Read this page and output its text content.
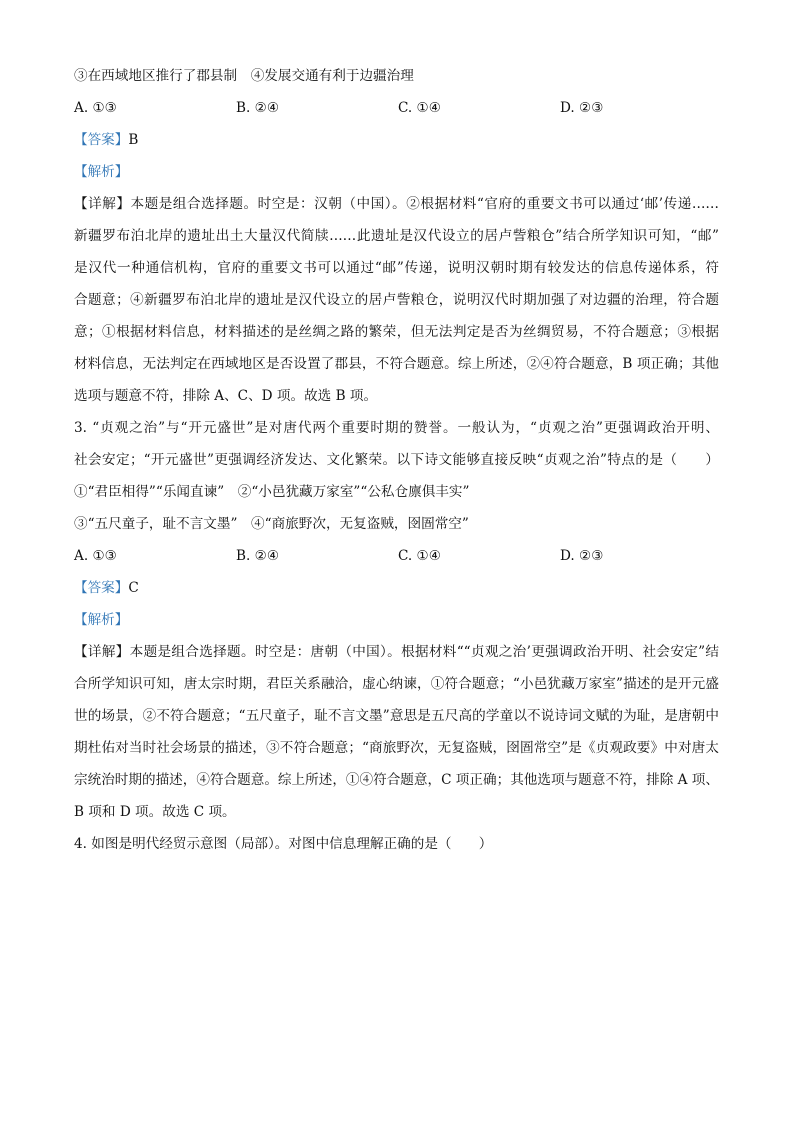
③在西域地区推行了郡县制　④发展交通有利于边疆治理
A. ①③	B. ②④	C. ①④	D. ②③
【答案】B
【解析】
【详解】本题是组合选择题。时空是：汉朝（中国）。②根据材料“官府的重要文书可以通过‘邮’传递……
新疆罗布泊北岸的遗址出土大量汉代简牍……此遗址是汉代设立的居卢訾粮仓”结合所学知识可知，“邮”
是汉代一种通信机构，官府的重要文书可以通过“邮”传递，说明汉朝时期有较发达的信息传递体系，符
合题意；④新疆罗布泊北岸的遗址是汉代设立的居卢訾粮仓，说明汉代时期加强了对边疆的治理，符合题
意；①根据材料信息，材料描述的是丝绸之路的繁荣，但无法判定是否为丝绸贸易，不符合题意；③根据
材料信息，无法判定在西域地区是否设置了郡县，不符合题意。综上所述，②④符合题意，B 项正确；其他
选项与题意不符，排除 A、C、D 项。故选 B 项。
3. “贞观之治”与“开元盛世”是对唐代两个重要时期的赞誉。一般认为，“贞观之治”更强调政治开明、
社会安定；“开元盛世”更强调经济发达、文化繁荣。以下诗文能够直接反映“贞观之治”特点的是（　　）
①“君臣相得”“乐闻直谏”　②“小邑犹藏万家室”“公私仓廪俱丰实”
③“五尺童子，耻不言文墨”　④“商旅野次，无复盗贼，囹圄常空”
A. ①③	B. ②④	C. ①④	D. ②③
【答案】C
【解析】
【详解】本题是组合选择题。时空是：唐朝（中国）。根据材料““贞观之治’更强调政治开明、社会安定”结
合所学知识可知，唐太宗时期，君臣关系融洽，虚心纳谏，①符合题意；“小邑犹藏万家室”描述的是开元盛
世的场景，②不符合题意；“五尺童子，耻不言文墨”意思是五尺高的学童以不说诗词文赋的为耻，是唐朝中
期杜佑对当时社会场景的描述，③不符合题意；“商旅野次，无复盗贼，囹圄常空”是《贞观政要》中对唐太
宗统治时期的描述，④符合题意。综上所述，①④符合题意，C 项正确；其他选项与题意不符，排除 A 项、
B 项和 D 项。故选 C 项。
4. 如图是明代经贸示意图（局部）。对图中信息理解正确的是（　　）
